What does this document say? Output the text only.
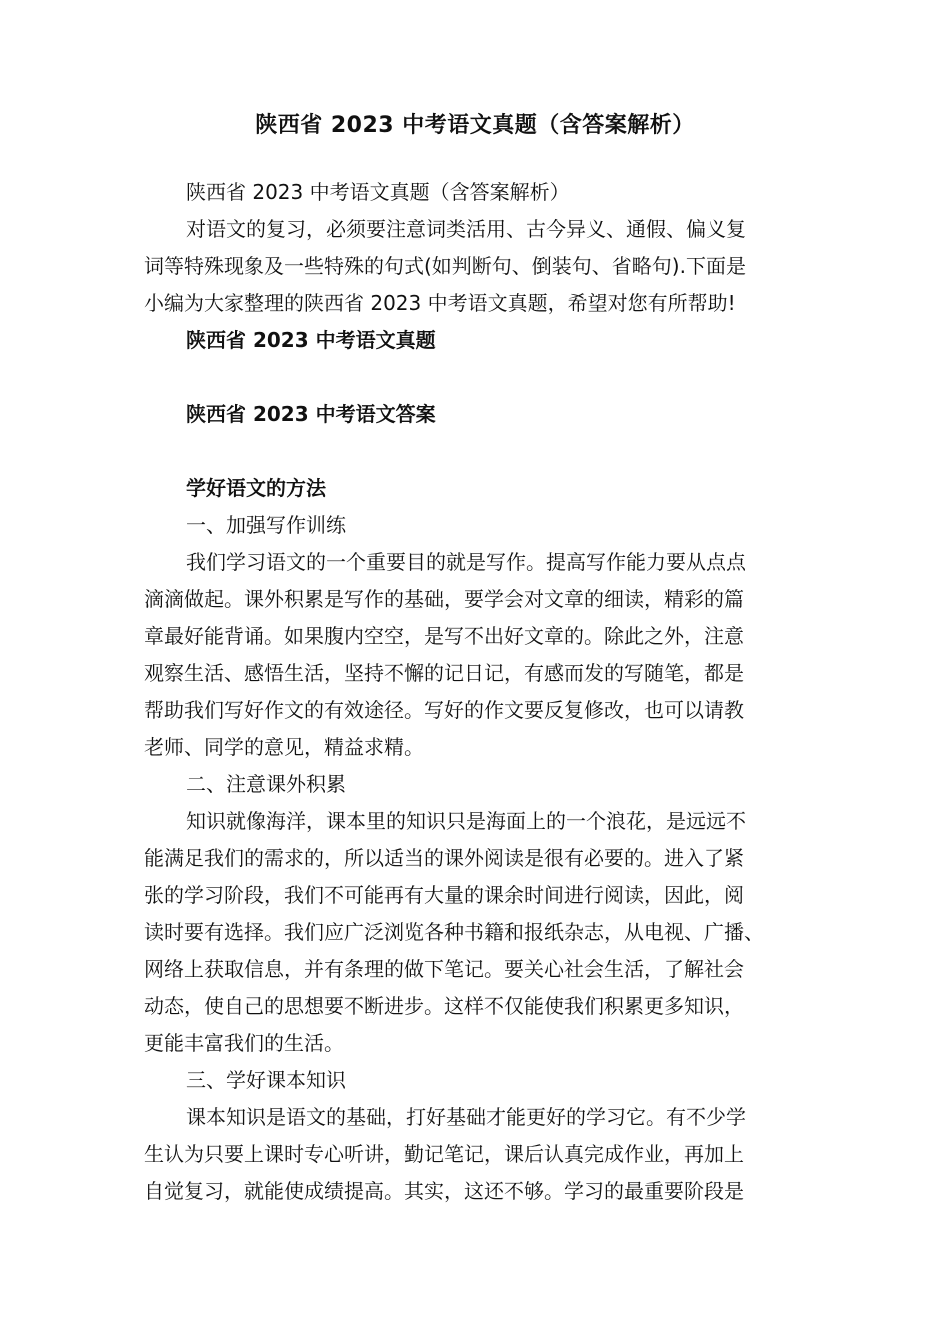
陕西省 2023 中考语文真题（含答案解析）
陕西省 2023 中考语文真题（含答案解析）
对语文的复习，必须要注意词类活用、古今异义、通假、偏义复
词等特殊现象及一些特殊的句式(如判断句、倒装句、省略句).下面是
小编为大家整理的陕西省 2023 中考语文真题，希望对您有所帮助!
陕西省 2023 中考语文真题
陕西省 2023 中考语文答案
学好语文的方法
一、加强写作训练
我们学习语文的一个重要目的就是写作。提高写作能力要从点点
滴滴做起。课外积累是写作的基础，要学会对文章的细读，精彩的篇
章最好能背诵。如果腹内空空，是写不出好文章的。除此之外，注意
观察生活、感悟生活，坚持不懈的记日记，有感而发的写随笔，都是
帮助我们写好作文的有效途径。写好的作文要反复修改，也可以请教
老师、同学的意见，精益求精。
二、注意课外积累
知识就像海洋，课本里的知识只是海面上的一个浪花，是远远不
能满足我们的需求的，所以适当的课外阅读是很有必要的。进入了紧
张的学习阶段，我们不可能再有大量的课余时间进行阅读，因此，阅
读时要有选择。我们应广泛浏览各种书籍和报纸杂志，从电视、广播、
网络上获取信息，并有条理的做下笔记。要关心社会生活，了解社会
动态，使自己的思想要不断进步。这样不仅能使我们积累更多知识，
更能丰富我们的生活。
三、学好课本知识
课本知识是语文的基础，打好基础才能更好的学习它。有不少学
生认为只要上课时专心听讲，勤记笔记，课后认真完成作业，再加上
自觉复习，就能使成绩提高。其实，这还不够。学习的最重要阶段是
